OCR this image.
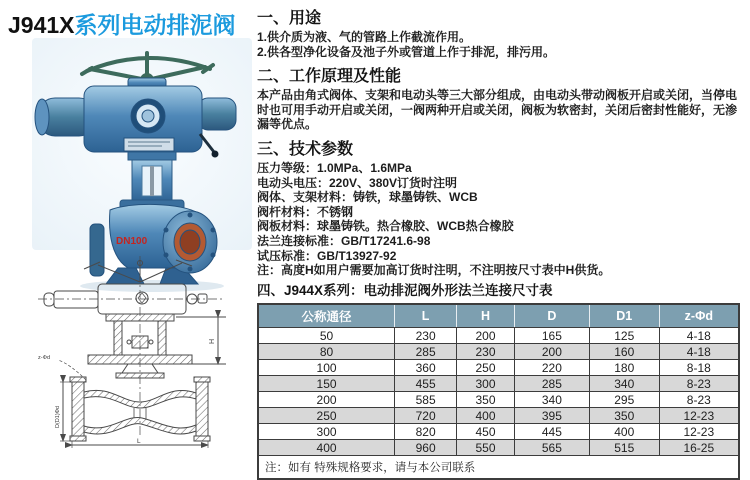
J941X系列电动排泥阀
DN100
H
z-Φd
D(D1)Φd
L
一、用途

1.供介质为液、气的管路上作截流作用。

2.供各型净化设备及池子外或管道上作于排泥，排污用。

二、工作原理及性能

本产品由角式阀体、支架和电动头等三大部分组成，由电动头带动阀板开启或关闭，当停电时也可用手动开启或关闭，一阀两种开启或关闭，阀板为软密封，关闭后密封性能好，无渗漏等优点。

三、技术参数

压力等级：1.0MPa、1.6MPa

电动头电压：220V、380V订货时注明

阀体、支架材料：铸铁，球墨铸铁、WCB

阀杆材料：不锈钢

阀板材料：球墨铸铁。热合橡胶、WCB热合橡胶

法兰连接标准：GB/T17241.6-98

试压标准：GB/T13927-92

注：高度H如用户需要加高订货时注明，不注明按尺寸表中H供货。

四、J944X系列：电动排泥阀外形法兰连接尺寸表
公称通径	L	H	D	D1	z-Φd
50	230	200	165	125	4-18
80	285	230	200	160	4-18
100	360	250	220	180	8-18
150	455	300	285	340	8-23
200	585	350	340	295	8-23
250	720	400	395	350	12-23
300	820	450	445	400	12-23
400	960	550	565	515	16-25
注：如有 特殊规格要求，请与本公司联系					
